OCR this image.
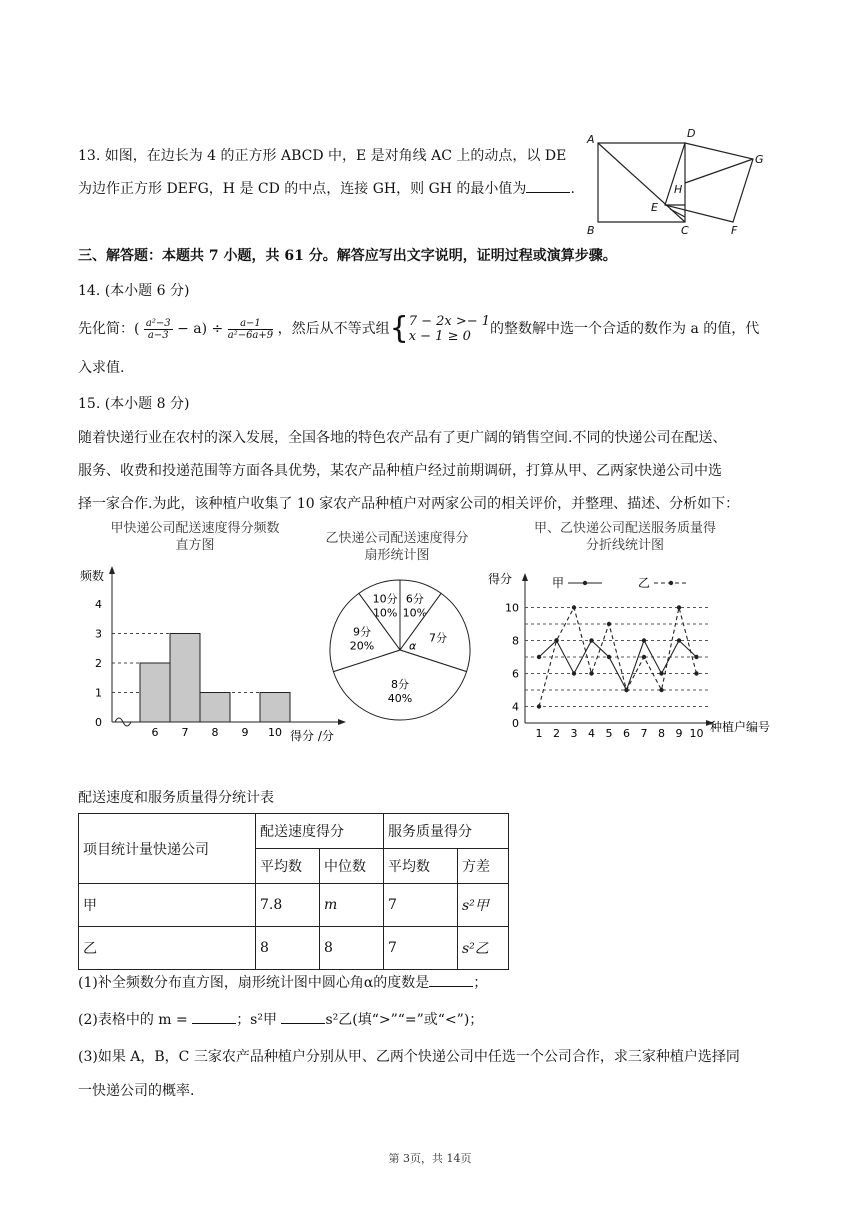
13. 如图，在边长为 4 的正方形 ABCD 中，E 是对角线 AC 上的动点，以 DE
为边作正方形 DEFG，H 是 CD 的中点，连接 GH，则 GH 的最小值为	.
A	D
G
H
E
B	C	F
三、解答题：本题共 7 小题，共 61 分。解答应写出文字说明，证明过程或演算步骤。
14. (本小题 6 分)
先化简：( $\frac{\text{a²−3}}{a-3} - a) \div \frac{a-1}{\text{a²−6a+9}}$ ，然后从不等式组{ 7 − 2x >− 1
x − 1 ≥ 0	的整数解中选一个合适的数作为 a 的值，代
入求值.
15. (本小题 8 分)
随着快递行业在农村的深入发展，全国各地的特色农产品有了更广阔的销售空间.不同的快递公司在配送、
服务、收费和投递范围等方面各具优势，某农产品种植户经过前期调研，打算从甲、乙两家快递公司中选
择一家合作.为此，该种植户收集了 10 家农产品种植户对两家公司的相关评价，并整理、描述、分析如下：
甲快递公司配送速度得分频数直方图	乙快递公司配送速度得分扇形统计图
甲、乙快递公司配送服务质量得分折线统计图
0
1
2
3
4
6 7 8 9 10
频数
得分 /分
10分
10%
6分
10%
7分
α
8分
40%
9分
20%
0
4
6
8
10
1 2 3 4 5 6 7 8 9 10
得分
种植户编号
甲	乙
配送速度和服务质量得分统计表
项目统计量快递公司	配送速度得分		服务质量得分	
	平均数	中位数	平均数	方差
甲	7.8	m	7	s²甲
乙	8	8	7	s²乙
(1)补全频数分布直方图，扇形统计图中圆心角α的度数是	；
(2)表格中的 m =	；s²甲	s²乙(填“>”“=”或“<”)；
(3)如果 A，B，C 三家农产品种植户分别从甲、乙两个快递公司中任选一个公司合作，求三家种植户选择同
一快递公司的概率.
第 3页，共 14页
